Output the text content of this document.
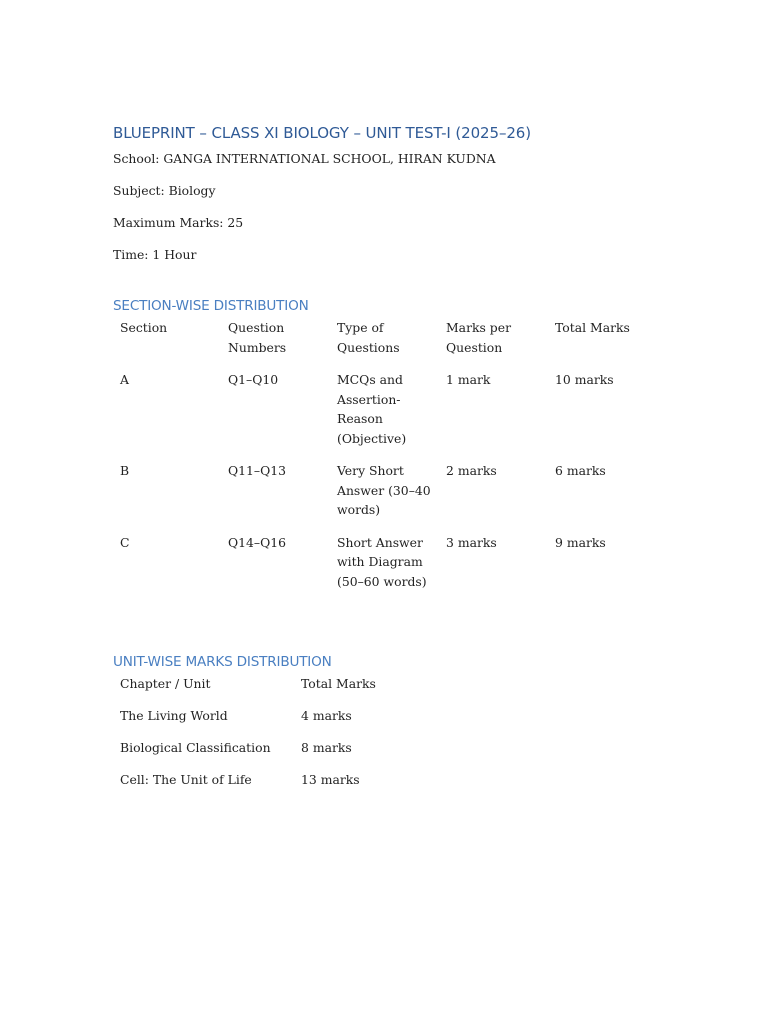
BLUEPRINT – CLASS XI BIOLOGY – UNIT TEST-I (2025–26)
School: GANGA INTERNATIONAL SCHOOL, HIRAN KUDNA
Subject: Biology
Maximum Marks: 25
Time: 1 Hour
SECTION-WISE DISTRIBUTION
Section	Question Numbers	Type of Questions	Marks per Question	Total Marks
A	Q1–Q10	MCQs and Assertion-Reason (Objective)	1 mark	10 marks
B	Q11–Q13	Very Short Answer (30–40 words)	2 marks	6 marks
C	Q14–Q16	Short Answer with Diagram (50–60 words)	3 marks	9 marks
UNIT-WISE MARKS DISTRIBUTION
Chapter / Unit	Total Marks
The Living World	4 marks
Biological Classification	8 marks
Cell: The Unit of Life	13 marks
